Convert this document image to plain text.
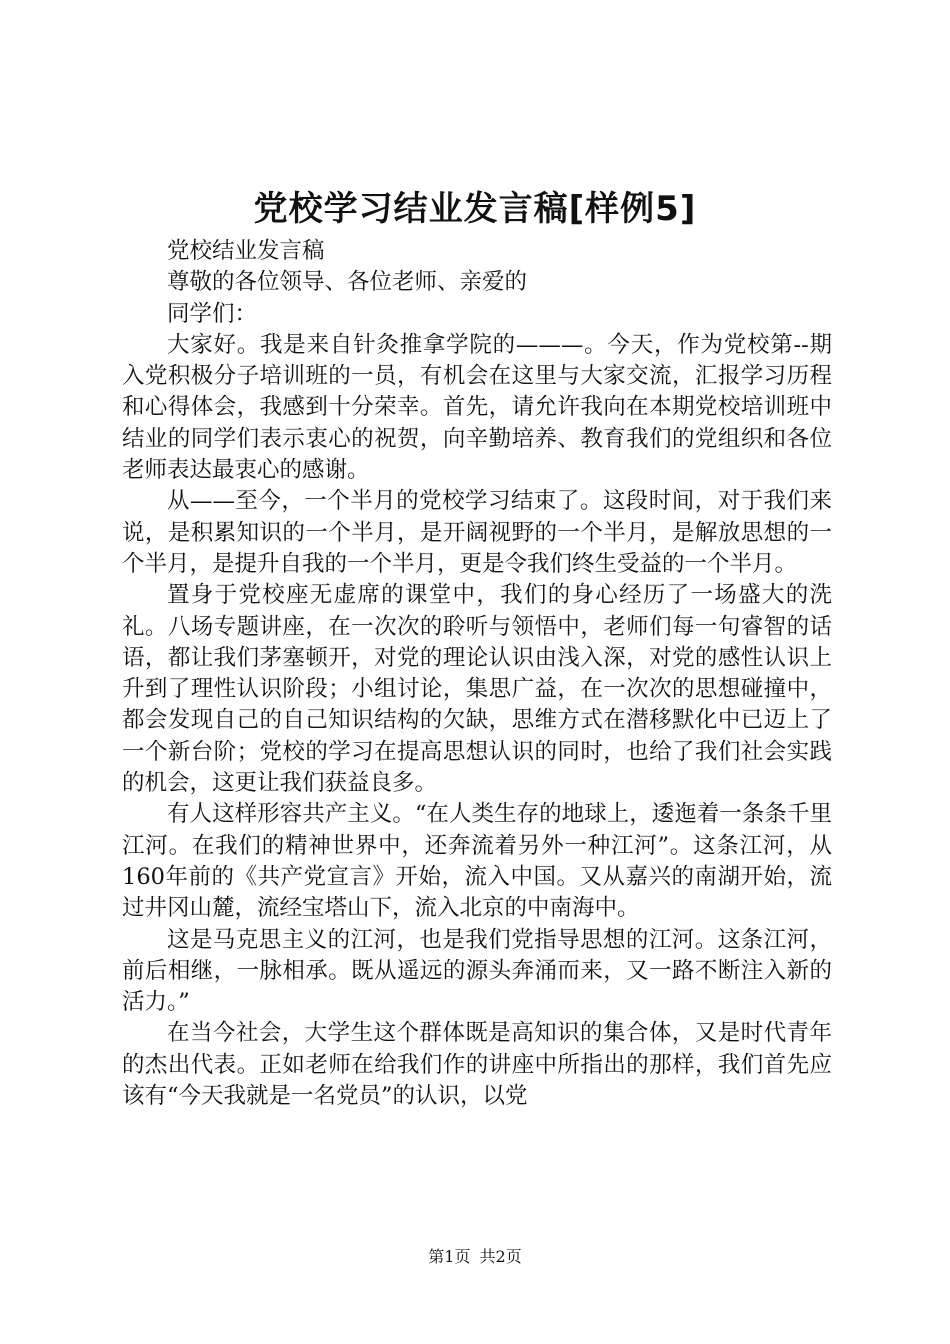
党校学习结业发言稿[样例5]

党校结业发言稿

尊敬的各位领导、各位老师、亲爱的

同学们：

大家好。我是来自针灸推拿学院的———。今天，作为党校第--期入党积极分子培训班的一员，有机会在这里与大家交流，汇报学习历程和心得体会，我感到十分荣幸。首先，请允许我向在本期党校培训班中结业的同学们表示衷心的祝贺，向辛勤培养、教育我们的党组织和各位老师表达最衷心的感谢。

从——至今，一个半月的党校学习结束了。这段时间，对于我们来说，是积累知识的一个半月，是开阔视野的一个半月，是解放思想的一个半月，是提升自我的一个半月，更是令我们终生受益的一个半月。

置身于党校座无虚席的课堂中，我们的身心经历了一场盛大的洗礼。八场专题讲座，在一次次的聆听与领悟中，老师们每一句睿智的话语，都让我们茅塞顿开，对党的理论认识由浅入深，对党的感性认识上升到了理性认识阶段；小组讨论，集思广益，在一次次的思想碰撞中，都会发现自己的自己知识结构的欠缺，思维方式在潜移默化中已迈上了一个新台阶；党校的学习在提高思想认识的同时，也给了我们社会实践的机会，这更让我们获益良多。

有人这样形容共产主义。“在人类生存的地球上，逶迤着一条条千里江河。在我们的精神世界中，还奔流着另外一种江河”。这条江河，从160年前的《共产党宣言》开始，流入中国。又从嘉兴的南湖开始，流过井冈山麓，流经宝塔山下，流入北京的中南海中。

这是马克思主义的江河，也是我们党指导思想的江河。这条江河，前后相继，一脉相承。既从遥远的源头奔涌而来，又一路不断注入新的活力。”

在当今社会，大学生这个群体既是高知识的集合体，又是时代青年的杰出代表。正如老师在给我们作的讲座中所指出的那样，我们首先应该有“今天我就是一名党员”的认识，以党

第1页 共2页
